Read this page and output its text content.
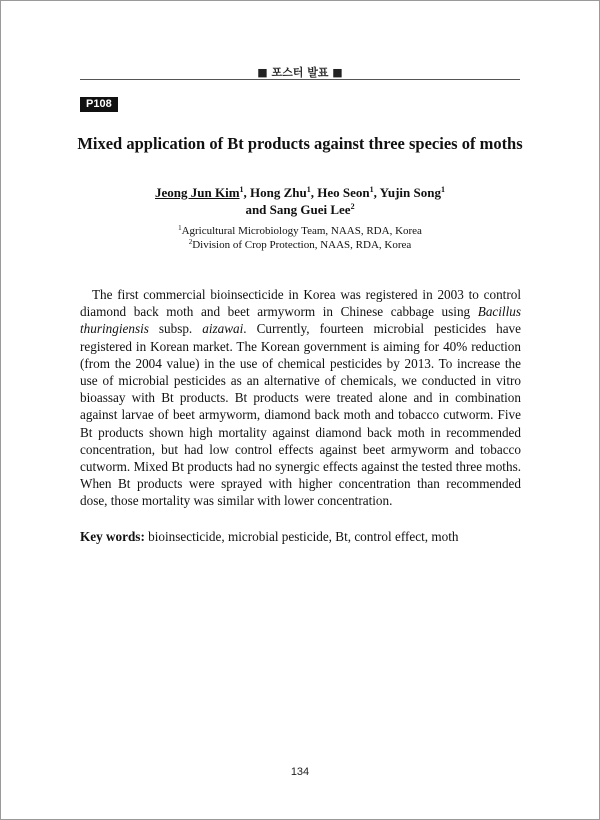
■ 포스터 발표 ■
P108
Mixed application of Bt products against three species of moths
Jeong Jun Kim$^1$, Hong Zhu$^1$, Heo Seon$^1$, Yujin Song$^1$
and Sang Guei Lee$^2$
$^1$Agricultural Microbiology Team, NAAS, RDA, Korea
$^2$Division of Crop Protection, NAAS, RDA, Korea

The first commercial bioinsecticide in Korea was registered in 2003 to control diamond back moth and beet armyworm in Chinese cabbage using Bacillus thuringiensis subsp. aizawai. Currently, fourteen microbial pesticides have registered in Korean market. The Korean government is aiming for 40% reduction (from the 2004 value) in the use of chemical pesticides by 2013. To increase the use of microbial pesticides as an alternative of chemicals, we conducted in vitro bioassay with Bt products. Bt products were treated alone and in combination against larvae of beet armyworm, diamond back moth and tobacco cutworm. Five Bt products shown high mortality against diamond back moth in recommended concentration, but had low control effects against beet armyworm and tobacco cutworm. Mixed Bt products had no synergic effects against the tested three moths. When Bt products were sprayed with higher concentration than recommended dose, those mortality was similar with lower concentration.

Key words: bioinsecticide, microbial pesticide, Bt, control effect, moth
134
